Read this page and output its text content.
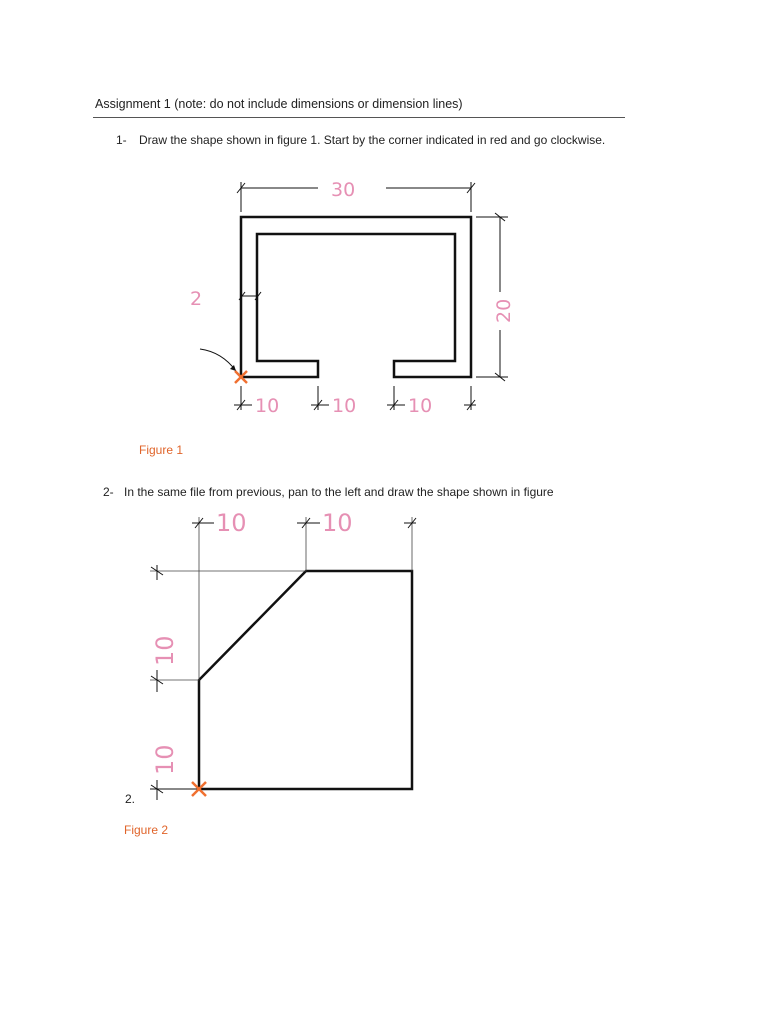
Assignment 1 (note: do not include dimensions or dimension lines)
1- Draw the shape shown in figure 1. Start by the corner indicated in red and go clockwise.
30
2	20
10	10	10
10	10
10
10
Figure 1
2- In the same file from previous, pan to the left and draw the shape shown in figure
2.
Figure 2
